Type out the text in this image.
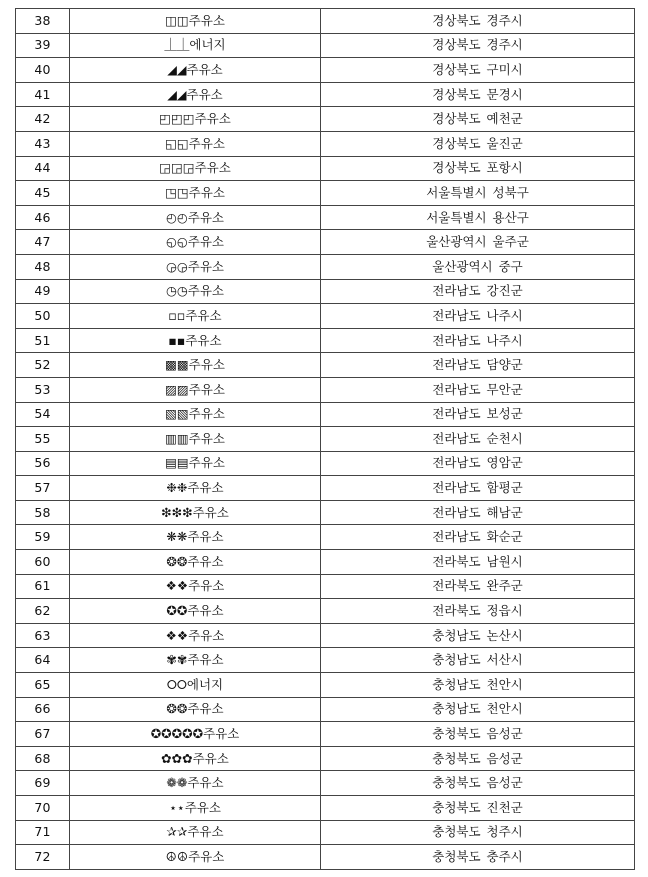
38	◫◫주유소	경상북도 경주시
39	⏊⏊에너지	경상북도 경주시
40	◢◢주유소	경상북도 구미시
41	◢◢주유소	경상북도 문경시
42	◰◰◰주유소	경상북도 예천군
43	◱◱주유소	경상북도 울진군
44	◲◲◲주유소	경상북도 포항시
45	◳◳주유소	서울특별시 성북구
46	◴◴주유소	서울특별시 용산구
47	◵◵주유소	울산광역시 울주군
48	◶◶주유소	울산광역시 중구
49	◷◷주유소	전라남도 강진군
50	▫▫주유소	전라남도 나주시
51	▪▪주유소	전라남도 나주시
52	▩▩주유소	전라남도 담양군
53	▨▨주유소	전라남도 무안군
54	▧▧주유소	전라남도 보성군
55	▥▥주유소	전라남도 순천시
56	▤▤주유소	전라남도 영암군
57	❉❉주유소	전라남도 함평군
58	❇❇❇주유소	전라남도 해남군
59	❋❋주유소	전라남도 화순군
60	❂❂주유소	전라북도 남원시
61	❖❖주유소	전라북도 완주군
62	✪✪주유소	전라북도 정읍시
63	❖❖주유소	충청남도 논산시
64	✾✾주유소	충청남도 서산시
65	⭘⭘에너지	충청남도 천안시
66	❂❂주유소	충청남도 천안시
67	✪✪✪✪✪주유소	충청북도 음성군
68	✿✿✿주유소	충청북도 음성군
69	❁❁주유소	충청북도 음성군
70	⋆⋆주유소	충청북도 진천군
71	✰✰주유소	충청북도 청주시
72	☮☮주유소	충청북도 충주시
